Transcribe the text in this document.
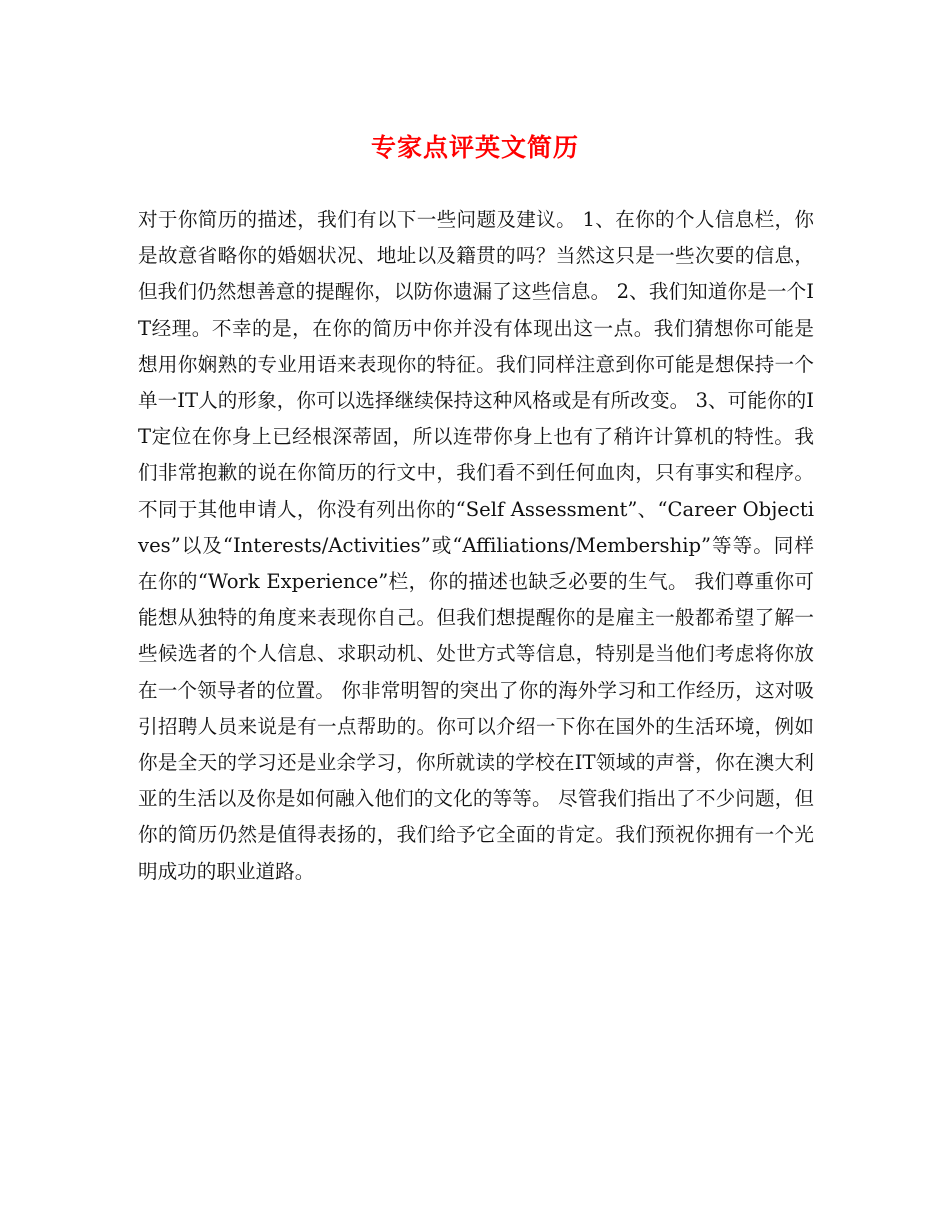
专家点评英文简历
对于你简历的描述，我们有以下一些问题及建议。 1、在你的个人信息栏，你是故意省略你的婚姻状况、地址以及籍贯的吗？当然这只是一些次要的信息，但我们仍然想善意的提醒你，以防你遗漏了这些信息。 2、我们知道你是一个IT经理。不幸的是，在你的简历中你并没有体现出这一点。我们猜想你可能是想用你娴熟的专业用语来表现你的特征。我们同样注意到你可能是想保持一个单一IT人的形象，你可以选择继续保持这种风格或是有所改变。 3、可能你的IT定位在你身上已经根深蒂固，所以连带你身上也有了稍许计算机的特性。我们非常抱歉的说在你简历的行文中，我们看不到任何血肉，只有事实和程序。不同于其他申请人，你没有列出你的“Self Assessment”、“Career Objectives”以及“Interests/Activities”或“Affiliations/Membership”等等。同样在你的“Work Experience”栏，你的描述也缺乏必要的生气。 我们尊重你可能想从独特的角度来表现你自己。但我们想提醒你的是雇主一般都希望了解一些候选者的个人信息、求职动机、处世方式等信息，特别是当他们考虑将你放在一个领导者的位置。 你非常明智的突出了你的海外学习和工作经历，这对吸引招聘人员来说是有一点帮助的。你可以介绍一下你在国外的生活环境，例如你是全天的学习还是业余学习，你所就读的学校在IT领域的声誉，你在澳大利亚的生活以及你是如何融入他们的文化的等等。 尽管我们指出了不少问题，但你的简历仍然是值得表扬的，我们给予它全面的肯定。我们预祝你拥有一个光明成功的职业道路。
